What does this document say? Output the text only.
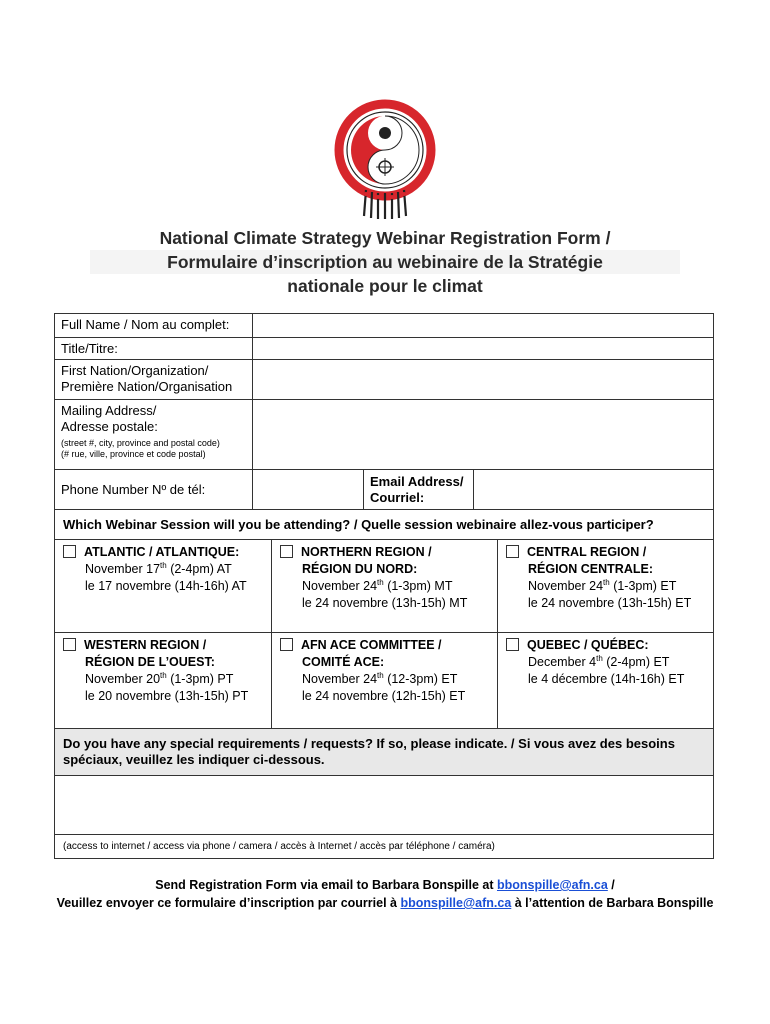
National Climate Strategy Webinar Registration Form /

Formulaire d’inscription au webinaire de la Stratégie
nationale pour le climat
Full Name / Nom au complet:
Title/Titre:
First Nation/Organization/
Première Nation/Organisation
Mailing Address/
Adresse postale:
(street #, city, province and postal code)
(# rue, ville, province et code postal)
Phone Number Nº de tél:
Email Address/
Courriel:
Which Webinar Session will you be attending? / Quelle session webinaire allez-vous participer?
ATLANTIC / ATLANTIQUE:
November 17th (2-4pm) AT
le 17 novembre (14h-16h) AT
NORTHERN REGION /
RÉGION DU NORD:
November 24th (1-3pm) MT
le 24 novembre (13h-15h) MT
CENTRAL REGION /
RÉGION CENTRALE:
November 24th (1-3pm) ET
le 24 novembre (13h-15h) ET
WESTERN REGION /
RÉGION DE L’OUEST:
November 20th (1-3pm) PT
le 20 novembre (13h-15h) PT
AFN ACE COMMITTEE /
COMITÉ ACE:
November 24th (12-3pm) ET
le 24 novembre (12h-15h) ET
QUEBEC / QUÉBEC:
December 4th (2-4pm) ET
le 4 décembre (14h-16h) ET
Do you have any special requirements / requests? If so, please indicate. / Si vous avez des besoins spéciaux, veuillez les indiquer ci-dessous.
(access to internet / access via phone / camera / accès à Internet / accès par téléphone / caméra)
Send Registration Form via email to Barbara Bonspille at bbonspille@afn.ca /
Veuillez envoyer ce formulaire d’inscription par courriel à bbonspille@afn.ca à l’attention de Barbara Bonspille
